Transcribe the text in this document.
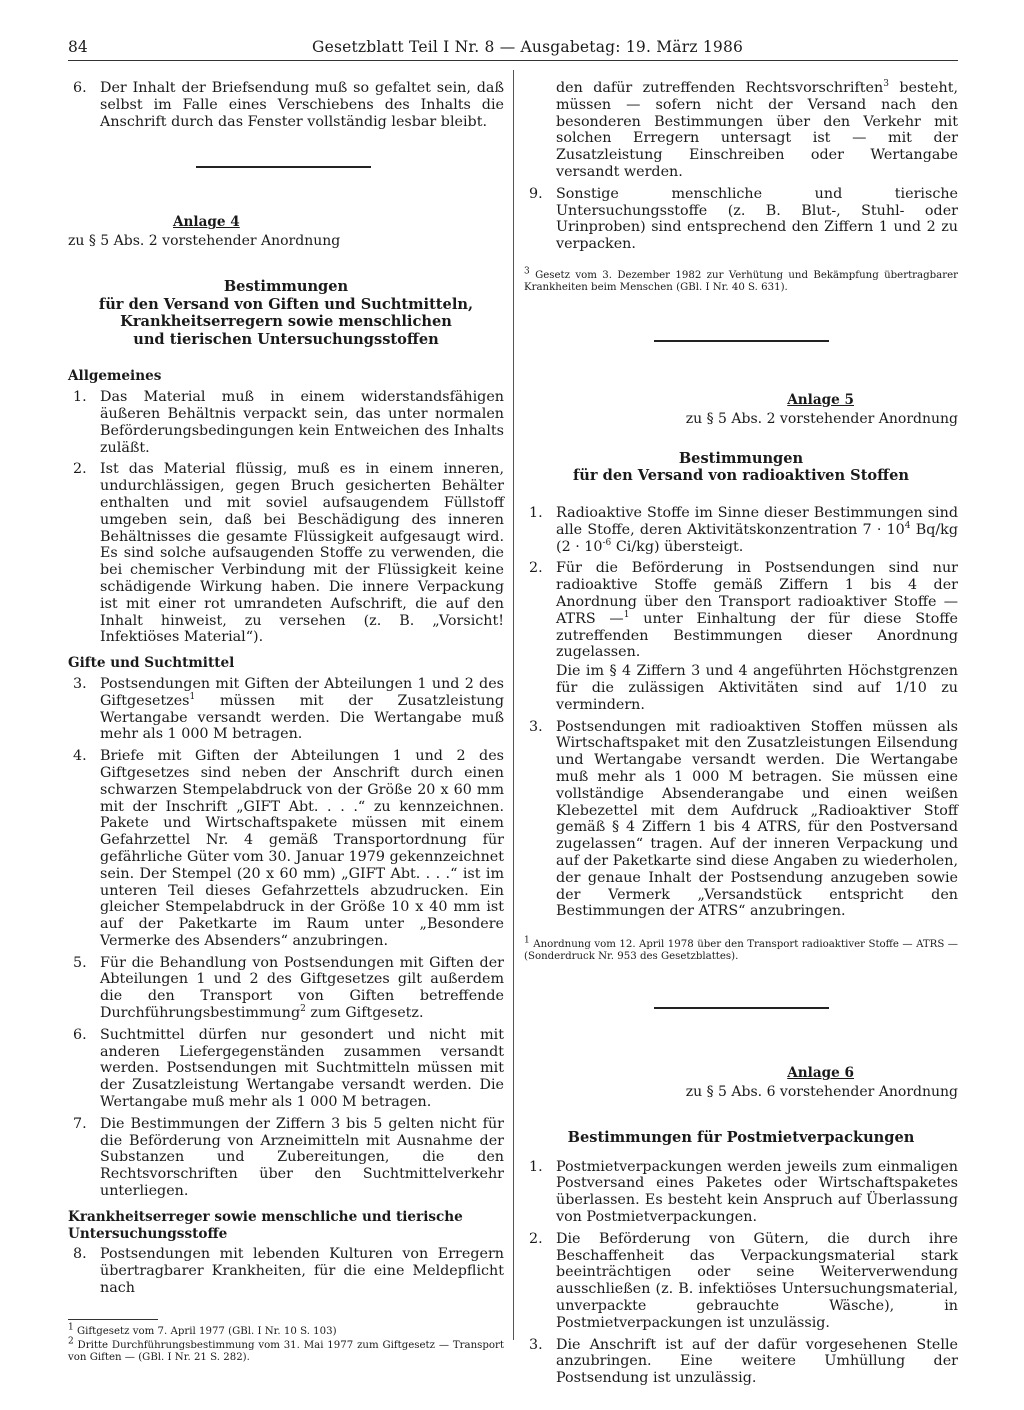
84	Gesetzblatt Teil I Nr. 8 — Ausgabetag: 19. März 1986
6. Der Inhalt der Briefsendung muß so gefaltet sein, daß selbst im Falle eines Verschiebens des Inhalts die Anschrift durch das Fenster vollständig lesbar bleibt.
Anlage 4
zu § 5 Abs. 2 vorstehender Anordnung
Bestimmungen
für den Versand von Giften und Suchtmitteln,
Krankheitserregern sowie menschlichen
und tierischen Untersuchungsstoffen
Allgemeines
1. Das Material muß in einem widerstandsfähigen äußeren Behältnis verpackt sein, das unter normalen Beförderungsbedingungen kein Entweichen des Inhalts zuläßt.
2. Ist das Material flüssig, muß es in einem inneren, undurchlässigen, gegen Bruch gesicherten Behälter enthalten und mit soviel aufsaugendem Füllstoff umgeben sein, daß bei Beschädigung des inneren Behältnisses die gesamte Flüssigkeit aufgesaugt wird. Es sind solche aufsaugenden Stoffe zu verwenden, die bei chemischer Verbindung mit der Flüssigkeit keine schädigende Wirkung haben. Die innere Verpackung ist mit einer rot umrandeten Aufschrift, die auf den Inhalt hinweist, zu versehen (z. B. „Vorsicht! Infektiöses Material“).
Gifte und Suchtmittel
3. Postsendungen mit Giften der Abteilungen 1 und 2 des Giftgesetzes$^1$ müssen mit der Zusatzleistung Wertangabe versandt werden. Die Wertangabe muß mehr als 1 000 M betragen.
4. Briefe mit Giften der Abteilungen 1 und 2 des Giftgesetzes sind neben der Anschrift durch einen schwarzen Stempelabdruck von der Größe 20 x 60 mm mit der Inschrift „GIFT Abt. . . .“ zu kennzeichnen. Pakete und Wirtschaftspakete müssen mit einem Gefahrzettel Nr. 4 gemäß Transportordnung für gefährliche Güter vom 30. Januar 1979 gekennzeichnet sein. Der Stempel (20 x 60 mm) „GIFT Abt. . . .“ ist im unteren Teil dieses Gefahrzettels abzudrucken. Ein gleicher Stempelabdruck in der Größe 10 x 40 mm ist auf der Paketkarte im Raum unter „Besondere Vermerke des Absenders“ anzubringen.
5. Für die Behandlung von Postsendungen mit Giften der Abteilungen 1 und 2 des Giftgesetzes gilt außerdem die den Transport von Giften betreffende Durchführungsbestimmung$^2$ zum Giftgesetz.
6. Suchtmittel dürfen nur gesondert und nicht mit anderen Liefergegenständen zusammen versandt werden. Postsendungen mit Suchtmitteln müssen mit der Zusatzleistung Wertangabe versandt werden. Die Wertangabe muß mehr als 1 000 M betragen.
7. Die Bestimmungen der Ziffern 3 bis 5 gelten nicht für die Beförderung von Arzneimitteln mit Ausnahme der Substanzen und Zubereitungen, die den Rechtsvorschriften über den Suchtmittelverkehr unterliegen.
Krankheitserreger sowie menschliche und tierische Untersuchungsstoffe
8. Postsendungen mit lebenden Kulturen von Erregern übertragbarer Krankheiten, für die eine Meldepflicht nach
$^1$ Giftgesetz vom 7. April 1977 (GBl. I Nr. 10 S. 103)
$^2$ Dritte Durchführungsbestimmung vom 31. Mai 1977 zum Giftgesetz — Transport von Giften — (GBl. I Nr. 21 S. 282).
den dafür zutreffenden Rechtsvorschriften$^3$ besteht, müssen — sofern nicht der Versand nach den besonderen Bestimmungen über den Verkehr mit solchen Erregern untersagt ist — mit der Zusatzleistung Einschreiben oder Wertangabe versandt werden.
9. Sonstige menschliche und tierische Untersuchungsstoffe (z. B. Blut-, Stuhl- oder Urinproben) sind entsprechend den Ziffern 1 und 2 zu verpacken.
$^3$ Gesetz vom 3. Dezember 1982 zur Verhütung und Bekämpfung übertragbarer Krankheiten beim Menschen (GBl. I Nr. 40 S. 631).
Anlage 5
zu § 5 Abs. 2 vorstehender Anordnung
Bestimmungen
für den Versand von radioaktiven Stoffen
1. Radioaktive Stoffe im Sinne dieser Bestimmungen sind alle Stoffe, deren Aktivitätskonzentration $7 \cdot 10^4$ Bq/kg ($2 \cdot 10^{-6}$ Ci/kg) übersteigt.
2. Für die Beförderung in Postsendungen sind nur radioaktive Stoffe gemäß Ziffern 1 bis 4 der Anordnung über den Transport radioaktiver Stoffe — ATRS —$^1$ unter Einhaltung der für diese Stoffe zutreffenden Bestimmungen dieser Anordnung zugelassen.
Die im § 4 Ziffern 3 und 4 angeführten Höchstgrenzen für die zulässigen Aktivitäten sind auf 1/10 zu vermindern.
3. Postsendungen mit radioaktiven Stoffen müssen als Wirtschaftspaket mit den Zusatzleistungen Eilsendung und Wertangabe versandt werden. Die Wertangabe muß mehr als 1 000 M betragen. Sie müssen eine vollständige Absenderangabe und einen weißen Klebezettel mit dem Aufdruck „Radioaktiver Stoff gemäß § 4 Ziffern 1 bis 4 ATRS, für den Postversand zugelassen“ tragen. Auf der inneren Verpackung und auf der Paketkarte sind diese Angaben zu wiederholen, der genaue Inhalt der Postsendung anzugeben sowie der Vermerk „Versandstück entspricht den Bestimmungen der ATRS“ anzubringen.
$^1$ Anordnung vom 12. April 1978 über den Transport radioaktiver Stoffe — ATRS — (Sonderdruck Nr. 953 des Gesetzblattes).
Anlage 6
zu § 5 Abs. 6 vorstehender Anordnung
Bestimmungen für Postmietverpackungen
1. Postmietverpackungen werden jeweils zum einmaligen Postversand eines Paketes oder Wirtschaftspaketes überlassen. Es besteht kein Anspruch auf Überlassung von Postmietverpackungen.
2. Die Beförderung von Gütern, die durch ihre Beschaffenheit das Verpackungsmaterial stark beeinträchtigen oder seine Weiterverwendung ausschließen (z. B. infektiöses Untersuchungsmaterial, unverpackte gebrauchte Wäsche), in Postmietverpackungen ist unzulässig.
3. Die Anschrift ist auf der dafür vorgesehenen Stelle anzubringen. Eine weitere Umhüllung der Postsendung ist unzulässig.
